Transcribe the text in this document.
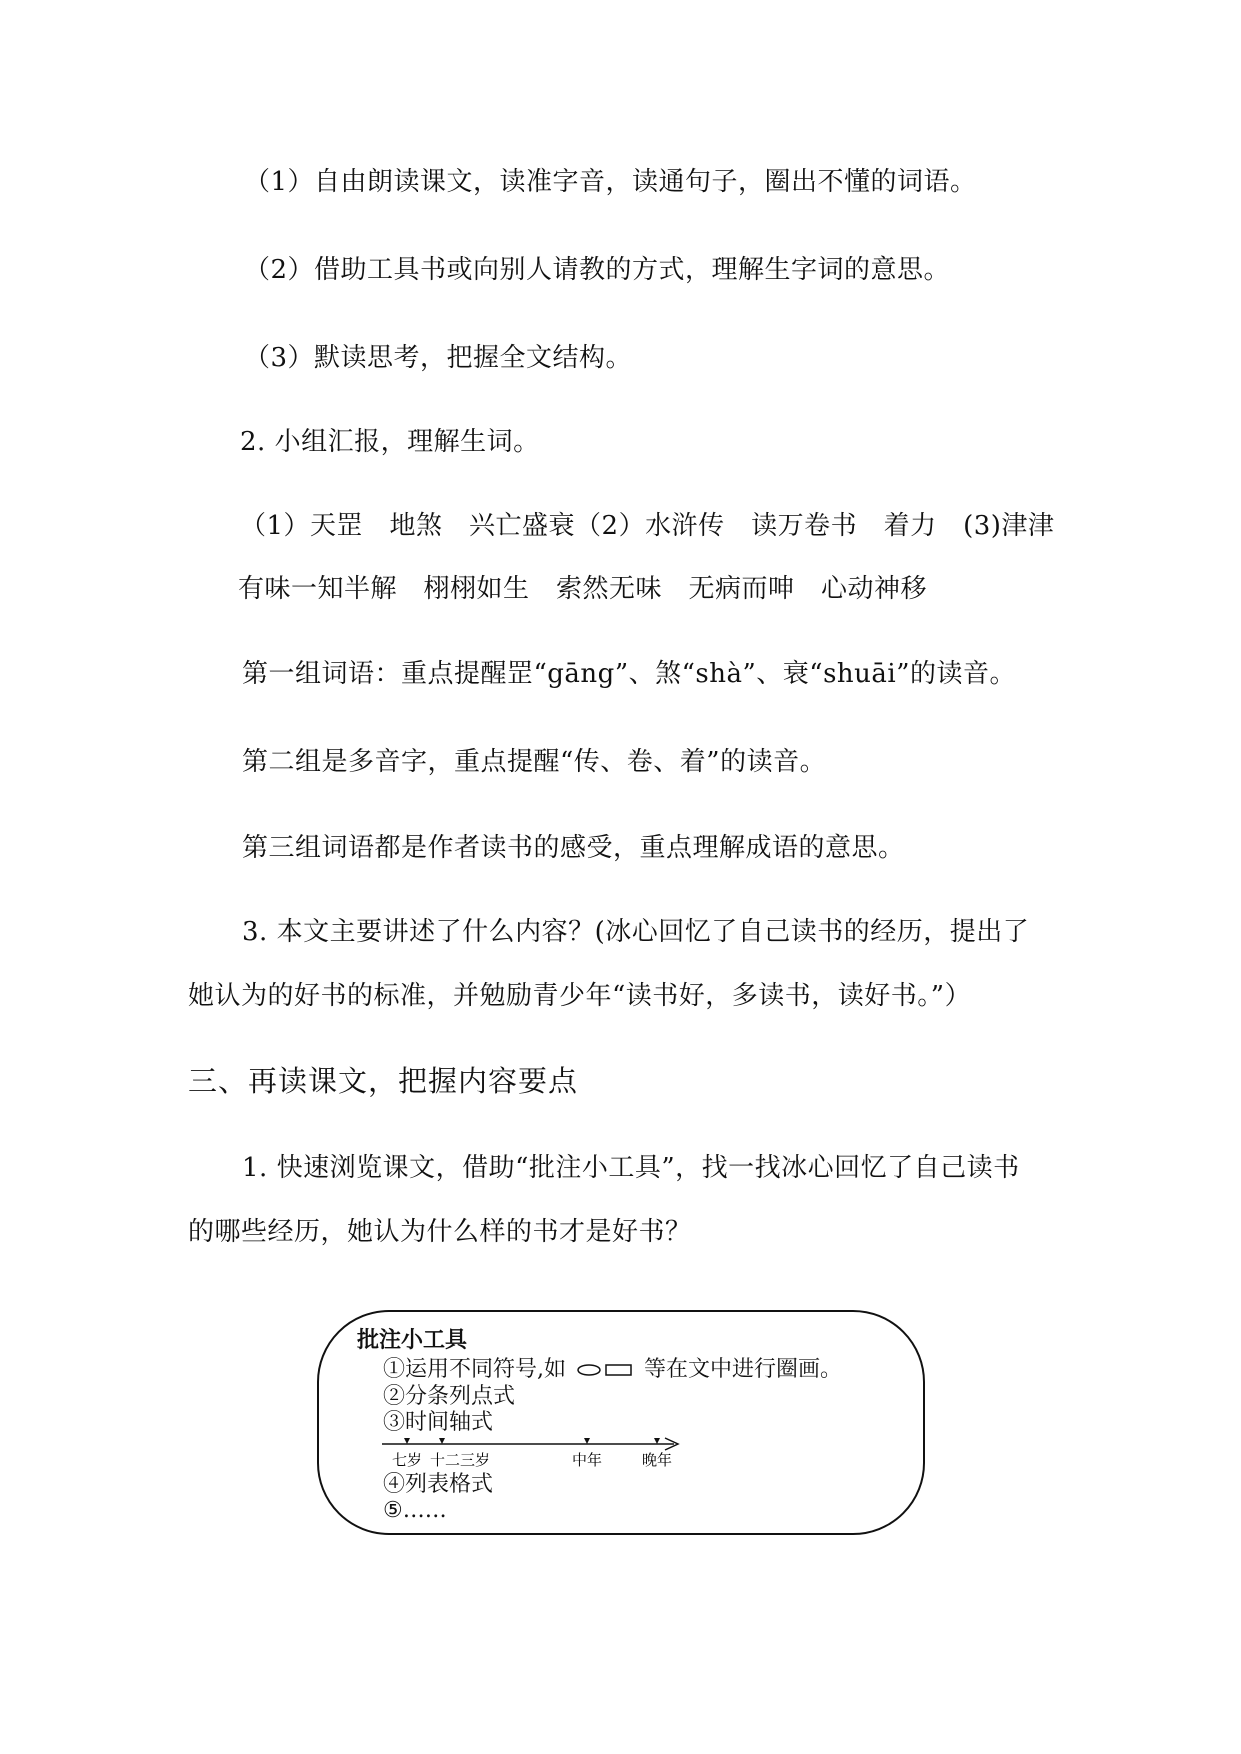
（1）自由朗读课文，读准字音，读通句子，圈出不懂的词语。
（2）借助工具书或向别人请教的方式，理解生字词的意思。
（3）默读思考，把握全文结构。
2. 小组汇报，理解生词。
（1）天罡　地煞　兴亡盛衰（2）水浒传　读万卷书　着力　(3)津津
有味一知半解　栩栩如生　索然无味　无病而呻　心动神移
第一组词语：重点提醒罡“gāng”、煞“shà”、衰“shuāi”的读音。
第二组是多音字，重点提醒“传、卷、着”的读音。
第三组词语都是作者读书的感受，重点理解成语的意思。
3. 本文主要讲述了什么内容？(冰心回忆了自己读书的经历，提出了
她认为的好书的标准，并勉励青少年“读书好，多读书，读好书。”）
三、再读课文，把握内容要点
1. 快速浏览课文，借助“批注小工具”，找一找冰心回忆了自己读书
的哪些经历，她认为什么样的书才是好书？
批注小工具
①运用不同符号,如	等在文中进行圈画。
②分条列点式
③时间轴式
七岁 十二三岁	中年	晚年
④列表格式
⑤……
